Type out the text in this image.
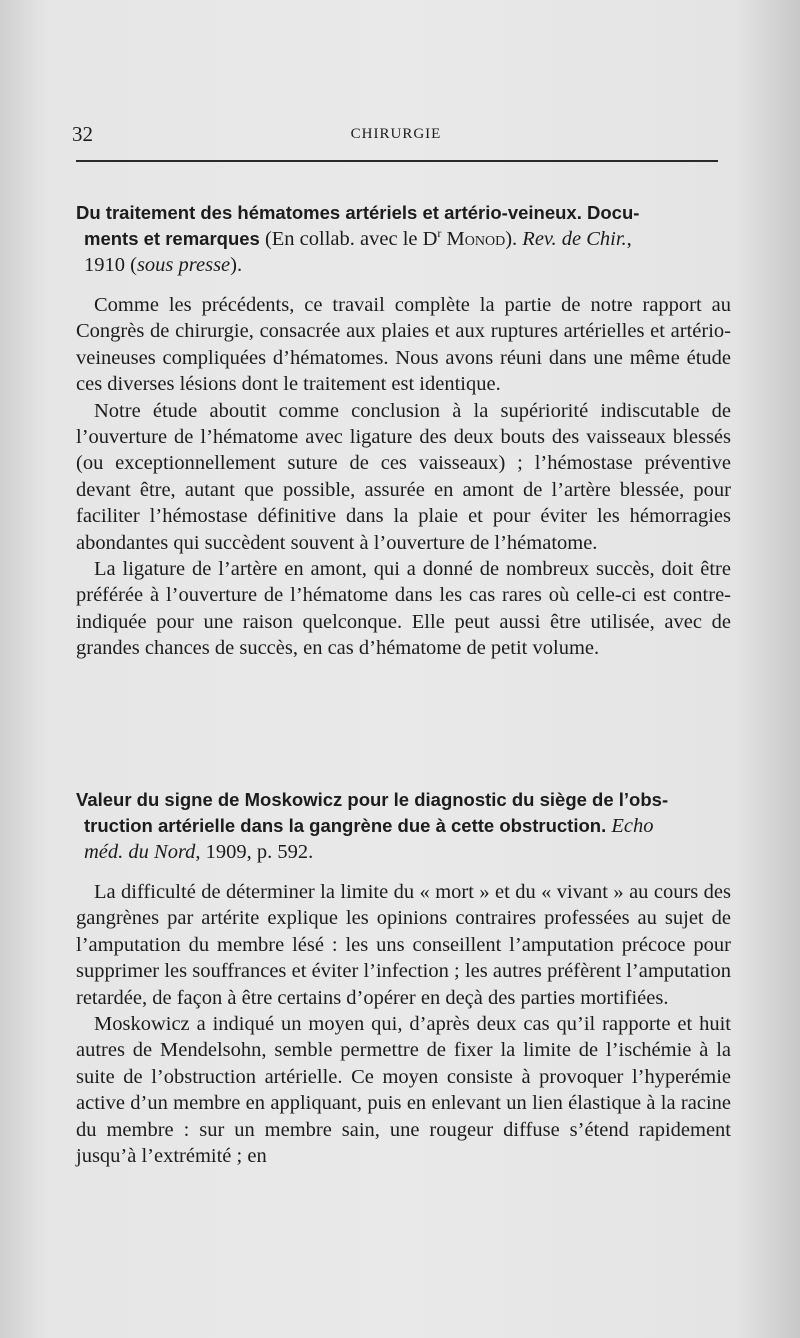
32	CHIRURGIE

Du traitement des hématomes artériels et artério-veineux. Docu-
ments et remarques (En collab. avec le $D^r$ Monod). Rev. de Chir.,
1910 (sous presse).

Comme les précédents, ce travail complète la partie de notre rapport au Congrès de chirurgie, consacrée aux plaies et aux ruptures artérielles et artério-veineuses compliquées d’hématomes. Nous avons réuni dans une même étude ces diverses lésions dont le traitement est identique.

Notre étude aboutit comme conclusion à la supériorité indiscutable de l’ouverture de l’hématome avec ligature des deux bouts des vaisseaux blessés (ou exceptionnellement suture de ces vaisseaux) ; l’hémostase préventive devant être, autant que possible, assurée en amont de l’artère blessée, pour faciliter l’hémostase définitive dans la plaie et pour éviter les hémorragies abondantes qui succèdent souvent à l’ouverture de l’hématome.

La ligature de l’artère en amont, qui a donné de nombreux succès, doit être préférée à l’ouverture de l’hématome dans les cas rares où celle-ci est contre-indiquée pour une raison quelconque. Elle peut aussi être utilisée, avec de grandes chances de succès, en cas d’hématome de petit volume.

Valeur du signe de Moskowicz pour le diagnostic du siège de l’obs-
truction artérielle dans la gangrène due à cette obstruction. Echo
méd. du Nord, 1909, p. 592.

La difficulté de déterminer la limite du « mort » et du « vivant » au cours des gangrènes par artérite explique les opinions contraires professées au sujet de l’amputation du membre lésé : les uns conseillent l’amputation précoce pour supprimer les souffrances et éviter l’infection ; les autres préfèrent l’amputation retardée, de façon à être certains d’opérer en deçà des parties mortifiées.

Moskowicz a indiqué un moyen qui, d’après deux cas qu’il rapporte et huit autres de Mendelsohn, semble permettre de fixer la limite de l’ischémie à la suite de l’obstruction artérielle. Ce moyen consiste à provoquer l’hyperémie active d’un membre en appliquant, puis en enlevant un lien élastique à la racine du membre : sur un membre sain, une rougeur diffuse s’étend rapidement jusqu’à l’extrémité ; en
